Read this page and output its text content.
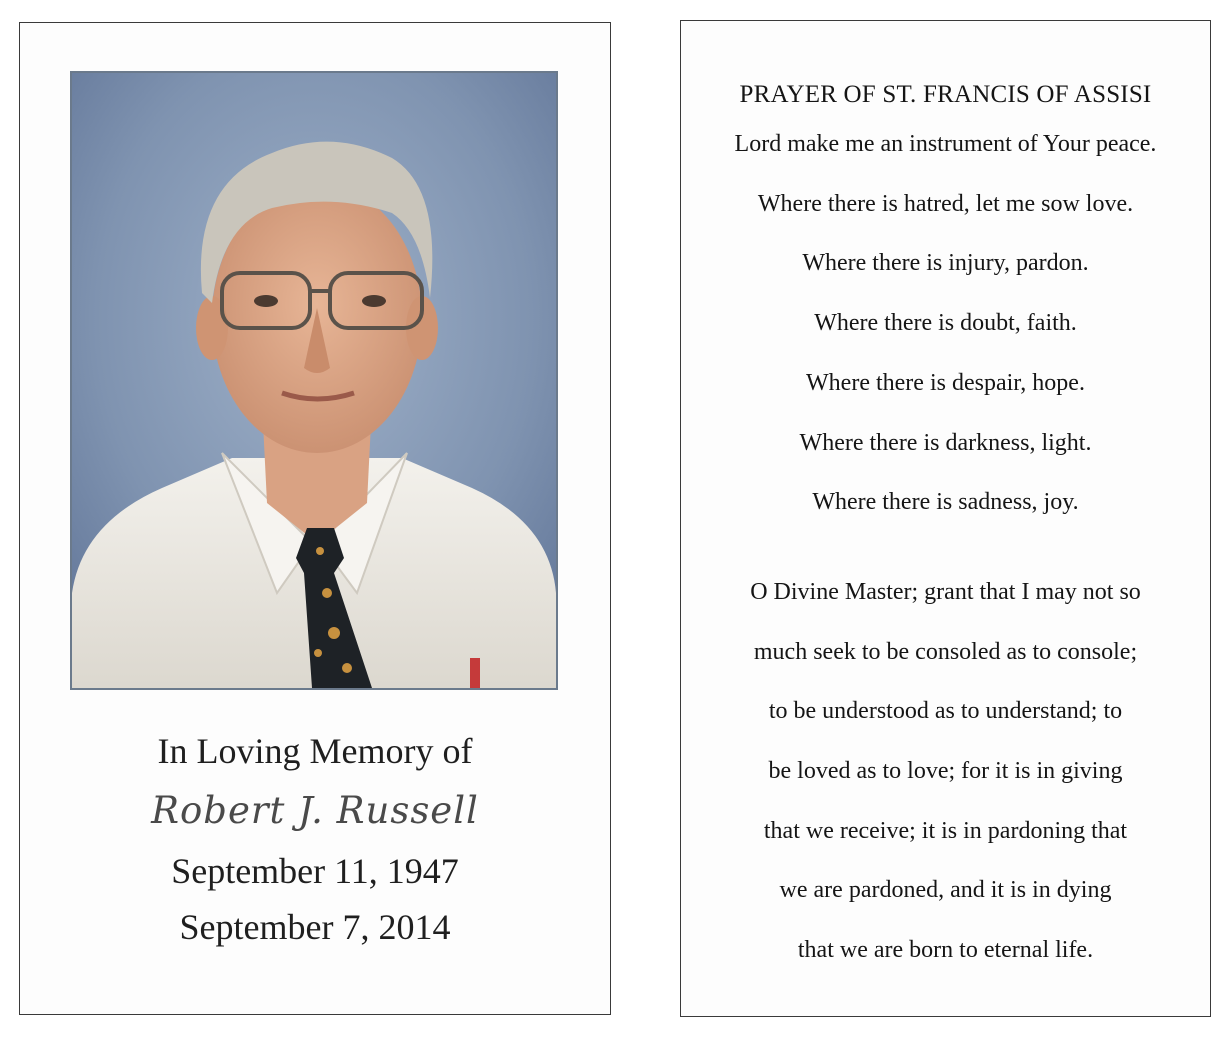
In Loving Memory of
Robert J. Russell
September 11, 1947
September 7, 2014
PRAYER OF ST. FRANCIS OF ASSISI
Lord make me an instrument of Your peace.
Where there is hatred, let me sow love.
Where there is injury, pardon.
Where there is doubt, faith.
Where there is despair, hope.
Where there is darkness, light.
Where there is sadness, joy.
O Divine Master; grant that I may not so
much seek to be consoled as to console;
to be understood as to understand; to
be loved as to love; for it is in giving
that we receive; it is in pardoning that
we are pardoned, and it is in dying
that we are born to eternal life.
